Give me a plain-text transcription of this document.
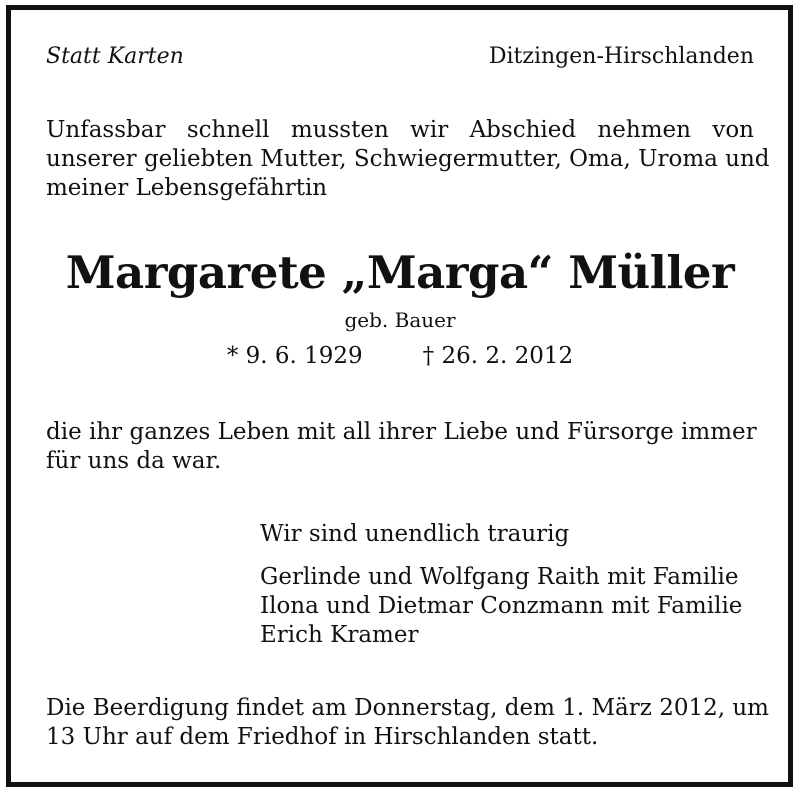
Statt Karten	Ditzingen-Hirschlanden
Unfassbar schnell mussten wir Abschied nehmen von
unserer geliebten Mutter, Schwiegermutter, Oma, Uroma und
meiner Lebensgefährtin
Margarete „Marga“ Müller
geb. Bauer
* 9. 6. 1929	† 26. 2. 2012
die ihr ganzes Leben mit all ihrer Liebe und Fürsorge immer
für uns da war.
Wir sind unendlich traurig
Gerlinde und Wolfgang Raith mit Familie
Ilona und Dietmar Conzmann mit Familie
Erich Kramer
Die Beerdigung findet am Donnerstag, dem 1. März 2012, um
13 Uhr auf dem Friedhof in Hirschlanden statt.
